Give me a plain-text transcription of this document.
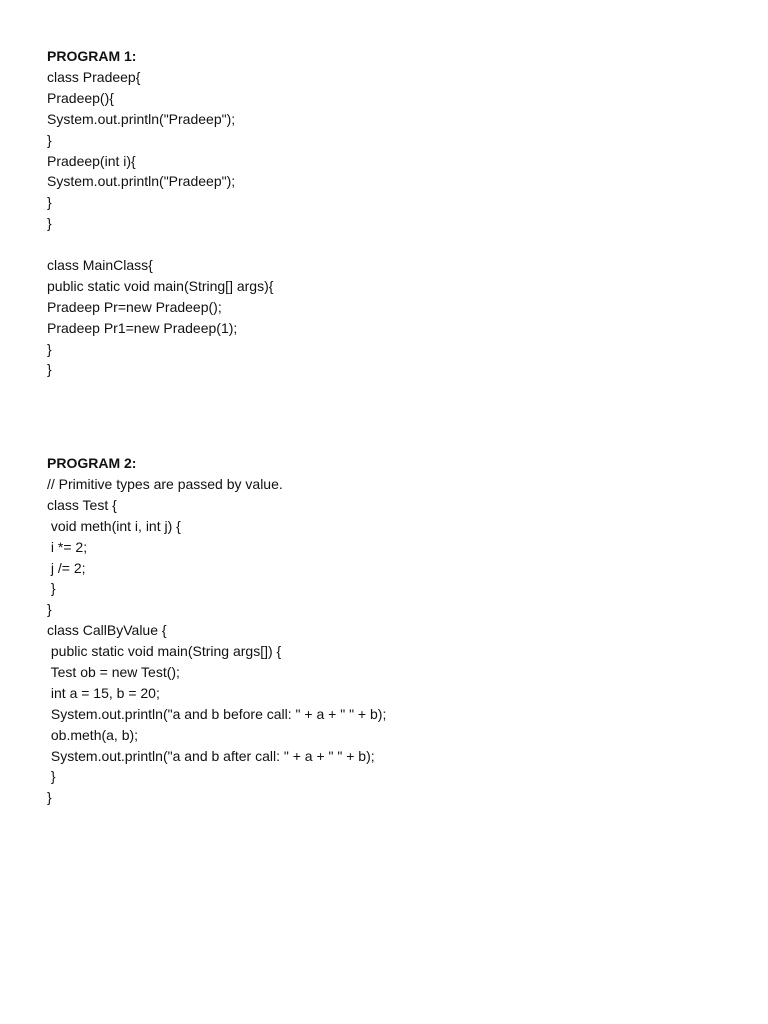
PROGRAM 1:
class Pradeep{
Pradeep(){
System.out.println("Pradeep");
}
Pradeep(int i){
System.out.println("Pradeep");
}
}
class MainClass{
public static void main(String[] args){
Pradeep Pr=new Pradeep();
Pradeep Pr1=new Pradeep(1);
}
}
PROGRAM 2:
// Primitive types are passed by value.
class Test {
void meth(int i, int j) {
i *= 2;
j /= 2;
}
}
class CallByValue {
public static void main(String args[]) {
Test ob = new Test();
int a = 15, b = 20;
System.out.println("a and b before call: " + a + " " + b);
ob.meth(a, b);
System.out.println("a and b after call: " + a + " " + b);
}
}
